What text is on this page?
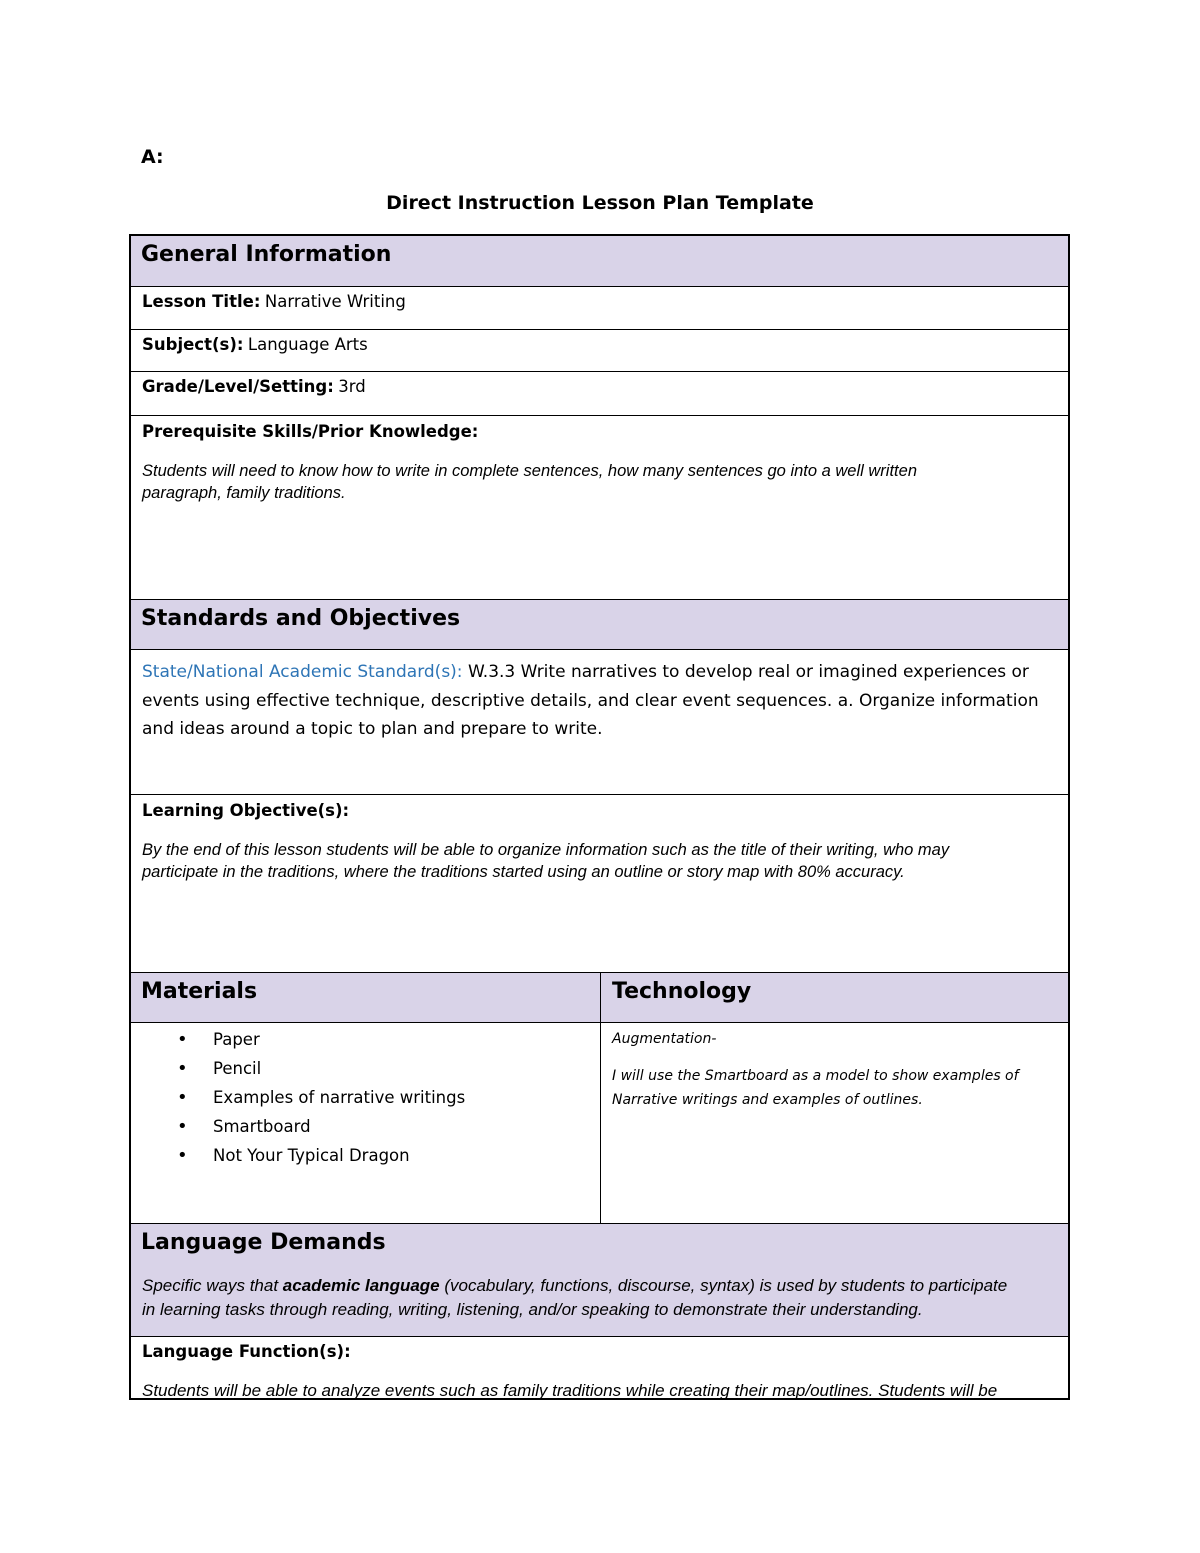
A:
Direct Instruction Lesson Plan Template
General Information
Lesson Title: Narrative Writing
Subject(s): Language Arts
Grade/Level/Setting: 3rd
Prerequisite Skills/Prior Knowledge:
Students will need to know how to write in complete sentences, how many sentences go into a well written
paragraph, family traditions.
Standards and Objectives
State/National Academic Standard(s): W.3.3 Write narratives to develop real or imagined experiences or events using effective technique, descriptive details, and clear event sequences. a. Organize information and ideas around a topic to plan and prepare to write.
Learning Objective(s):
By the end of this lesson students will be able to organize information such as the title of their writing, who may
participate in the traditions, where the traditions started using an outline or story map with 80% accuracy.
Materials	Technology
• Paper
• Pencil
• Examples of narrative writings
• Smartboard
• Not Your Typical Dragon
Augmentation-
I will use the Smartboard as a model to show examples of
Narrative writings and examples of outlines.
Language Demands
Specific ways that academic language (vocabulary, functions, discourse, syntax) is used by students to participate
in learning tasks through reading, writing, listening, and/or speaking to demonstrate their understanding.
Language Function(s):
Students will be able to analyze events such as family traditions while creating their map/outlines. Students will be
